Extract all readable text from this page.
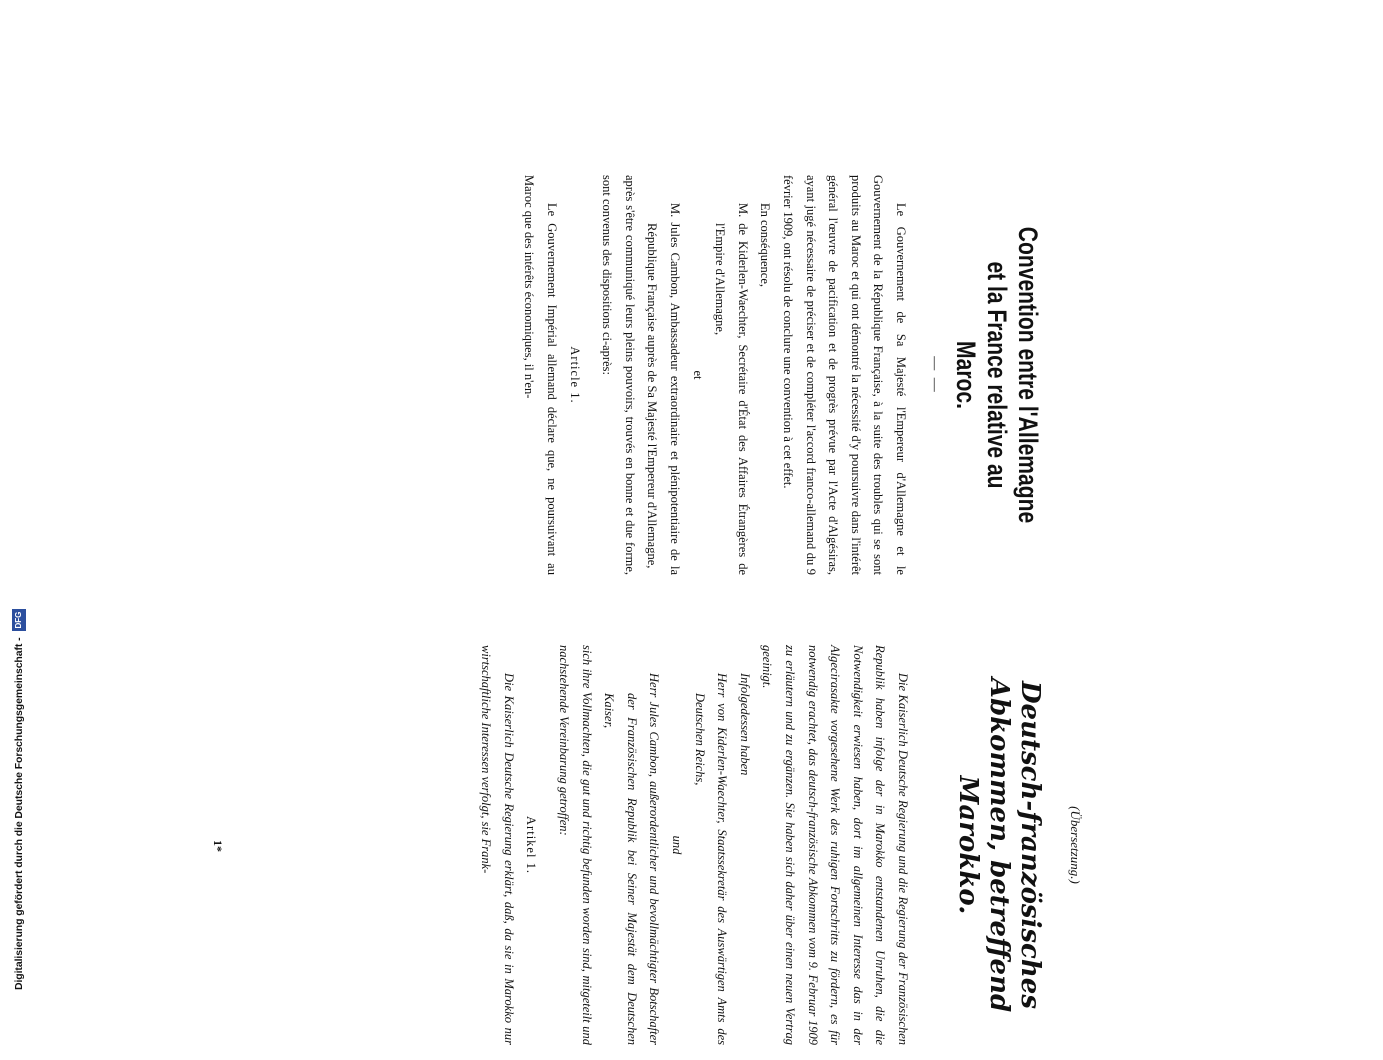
Digitalisierung gefördert durch die Deutsche Forschungsgemeinschaft -
DFG
Convention entre l'Allemagne
et la France relative au
Maroc.
— —

Le Gouvernement de Sa Majesté l'Empereur d'Allemagne et le Gouvernement de la République Française, à la suite des troubles qui se sont produits au Maroc et qui ont démontré la nécessité d'y poursuivre dans l'intérêt général l'œuvre de pacification et de progrès prévue par l'Acte d'Algésiras, ayant jugé nécessaire de préciser et de compléter l'accord franco-allemand du 9 février 1909, ont résolu de conclure une convention à cet effet.

En conséquence,

M. de Kiderlen-Waechter, Secrétaire d'État des Affaires Étrangères de l'Empire d'Allemagne,

et

M. Jules Cambon, Ambassadeur extraordinaire et plénipotentiaire de la République Française auprès de Sa Majesté l'Empereur d'Allemagne,

après s'être communiqué leurs pleins pouvoirs, trouvés en bonne et due forme, sont convenus des dispositions ci-après:

Article 1.

Le Gouvernement Impérial allemand déclare que, ne poursuivant au Maroc que des intérêts économiques, il n'en-

(Übersetzung.)
Deutsch-französisches
Abkommen, betreffend
Marokko.

Die Kaiserlich Deutsche Regierung und die Regierung der Französischen Republik haben infolge der in Marokko entstandenen Unruhen, die die Notwendigkeit erwiesen haben, dort im allgemeinen Interesse das in der Algecirasakte vorgesehene Werk des ruhigen Fortschritts zu fördern, es für notwendig erachtet, das deutsch-französische Abkommen vom 9. Februar 1909 zu erläutern und zu ergänzen. Sie haben sich daher über einen neuen Vertrag geeinigt.

Infolgedessen haben

Herr von Kiderlen-Waechter, Staatssekretär des Auswärtigen Amts des Deutschen Reichs,

und

Herr Jules Cambon, außerordentlicher und bevollmächtigter Botschafter der Französischen Republik bei Seiner Majestät dem Deutschen Kaiser,

sich ihre Vollmachten, die gut und richtig befunden worden sind, mitgeteilt und nachstehende Vereinbarung getroffen:

Artikel 1.

Die Kaiserlich Deutsche Regierung erklärt, daß, da sie in Marokko nur wirtschaftliche Interessen verfolgt, sie Frank-

1*
